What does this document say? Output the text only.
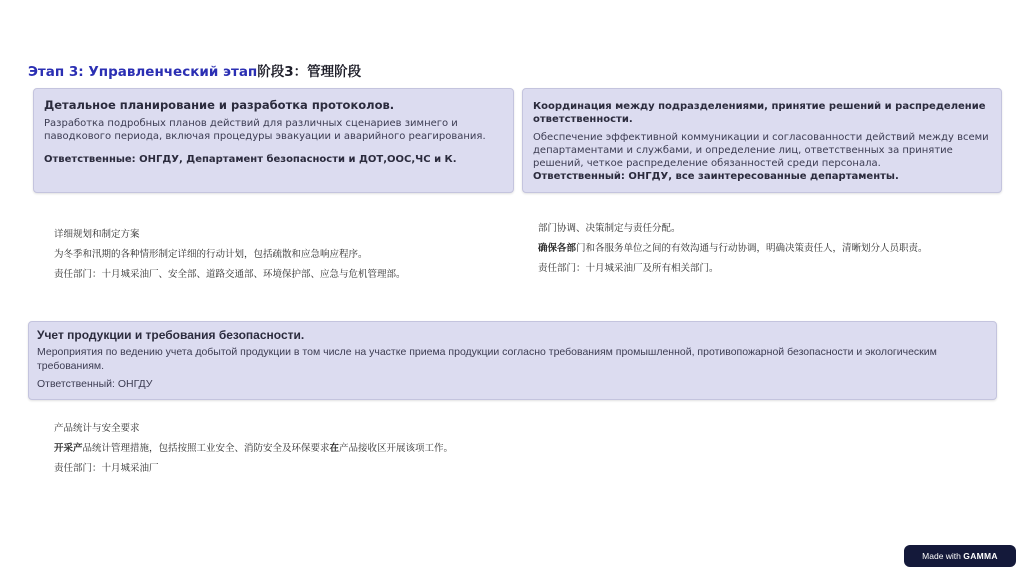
Этап 3: Управленческий этап阶段3：管理阶段
Детальное планирование и разработка протоколов.
Разработка подробных планов действий для различных сценариев зимнего и паводкового периода, включая процедуры эвакуации и аварийного реагирования.
Ответственные: ОНГДУ, Департамент безопасности и ДОТ,ООС,ЧС и К.
Координация между подразделениями, принятие решений и распределение ответственности.
Обеспечение эффективной коммуникации и согласованности действий между всеми департаментами и службами, и определение лиц, ответственных за принятие решений, четкое распределение обязанностей среди персонала.
Ответственный: ОНГДУ, все заинтересованные департаменты.

详细规划和制定方案

为冬季和汛期的各种情形制定详细的行动计划，包括疏散和应急响应程序。

责任部门：十月城采油厂、安全部、道路交通部、环境保护部、应急与危机管理部。

部门协调、决策制定与责任分配。

确保各部门和各服务单位之间的有效沟通与行动协调，明确决策责任人，清晰划分人员职责。

责任部门：十月城采油厂及所有相关部门。

Учет продукции и требования безопасности.
Мероприятия по ведению учета добытой продукции в том числе на участке приема продукции согласно требованиям промышленной, противопожарной безопасности и экологическим требованиям.
Ответственный: ОНГДУ

产品统计与安全要求

开采产品统计管理措施，包括按照工业安全、消防安全及环保要求在产品接收区开展该项工作。

责任部门：十月城采油厂

Made with GAMMA
